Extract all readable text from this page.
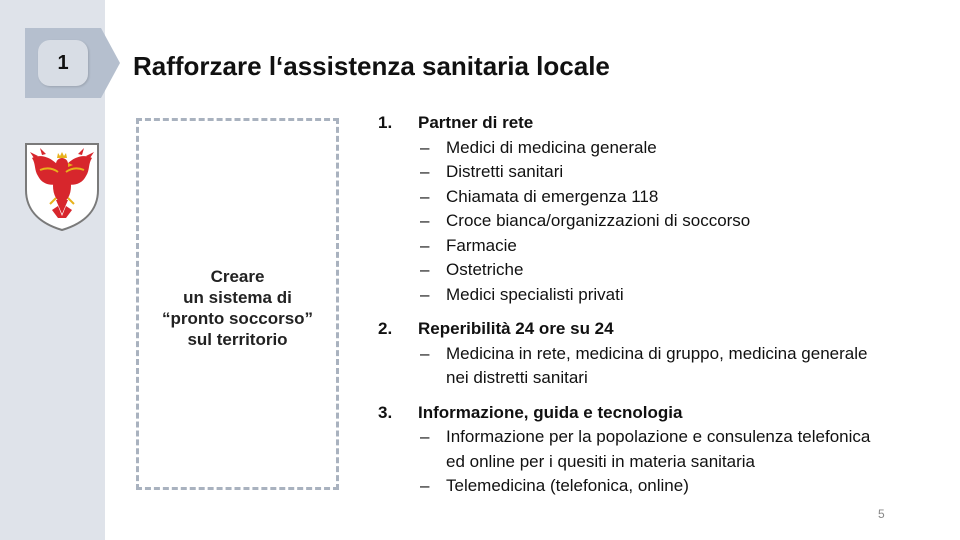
1	Rafforzare l‘assistenza sanitaria locale
Creare
un sistema di
“pronto soccorso”
sul territorio
1. Partner di rete
– Medici di medicina generale
– Distretti sanitari
– Chiamata di emergenza 118
– Croce bianca/organizzazioni di soccorso
– Farmacie
– Ostetriche
– Medici specialisti privati
2. Reperibilità 24 ore su 24
– Medicina in rete, medicina di gruppo, medicina generale nei distretti sanitari
3. Informazione, guida e tecnologia
– Informazione per la popolazione e consulenza telefonica ed online per i quesiti in materia sanitaria
– Telemedicina (telefonica, online)
5
